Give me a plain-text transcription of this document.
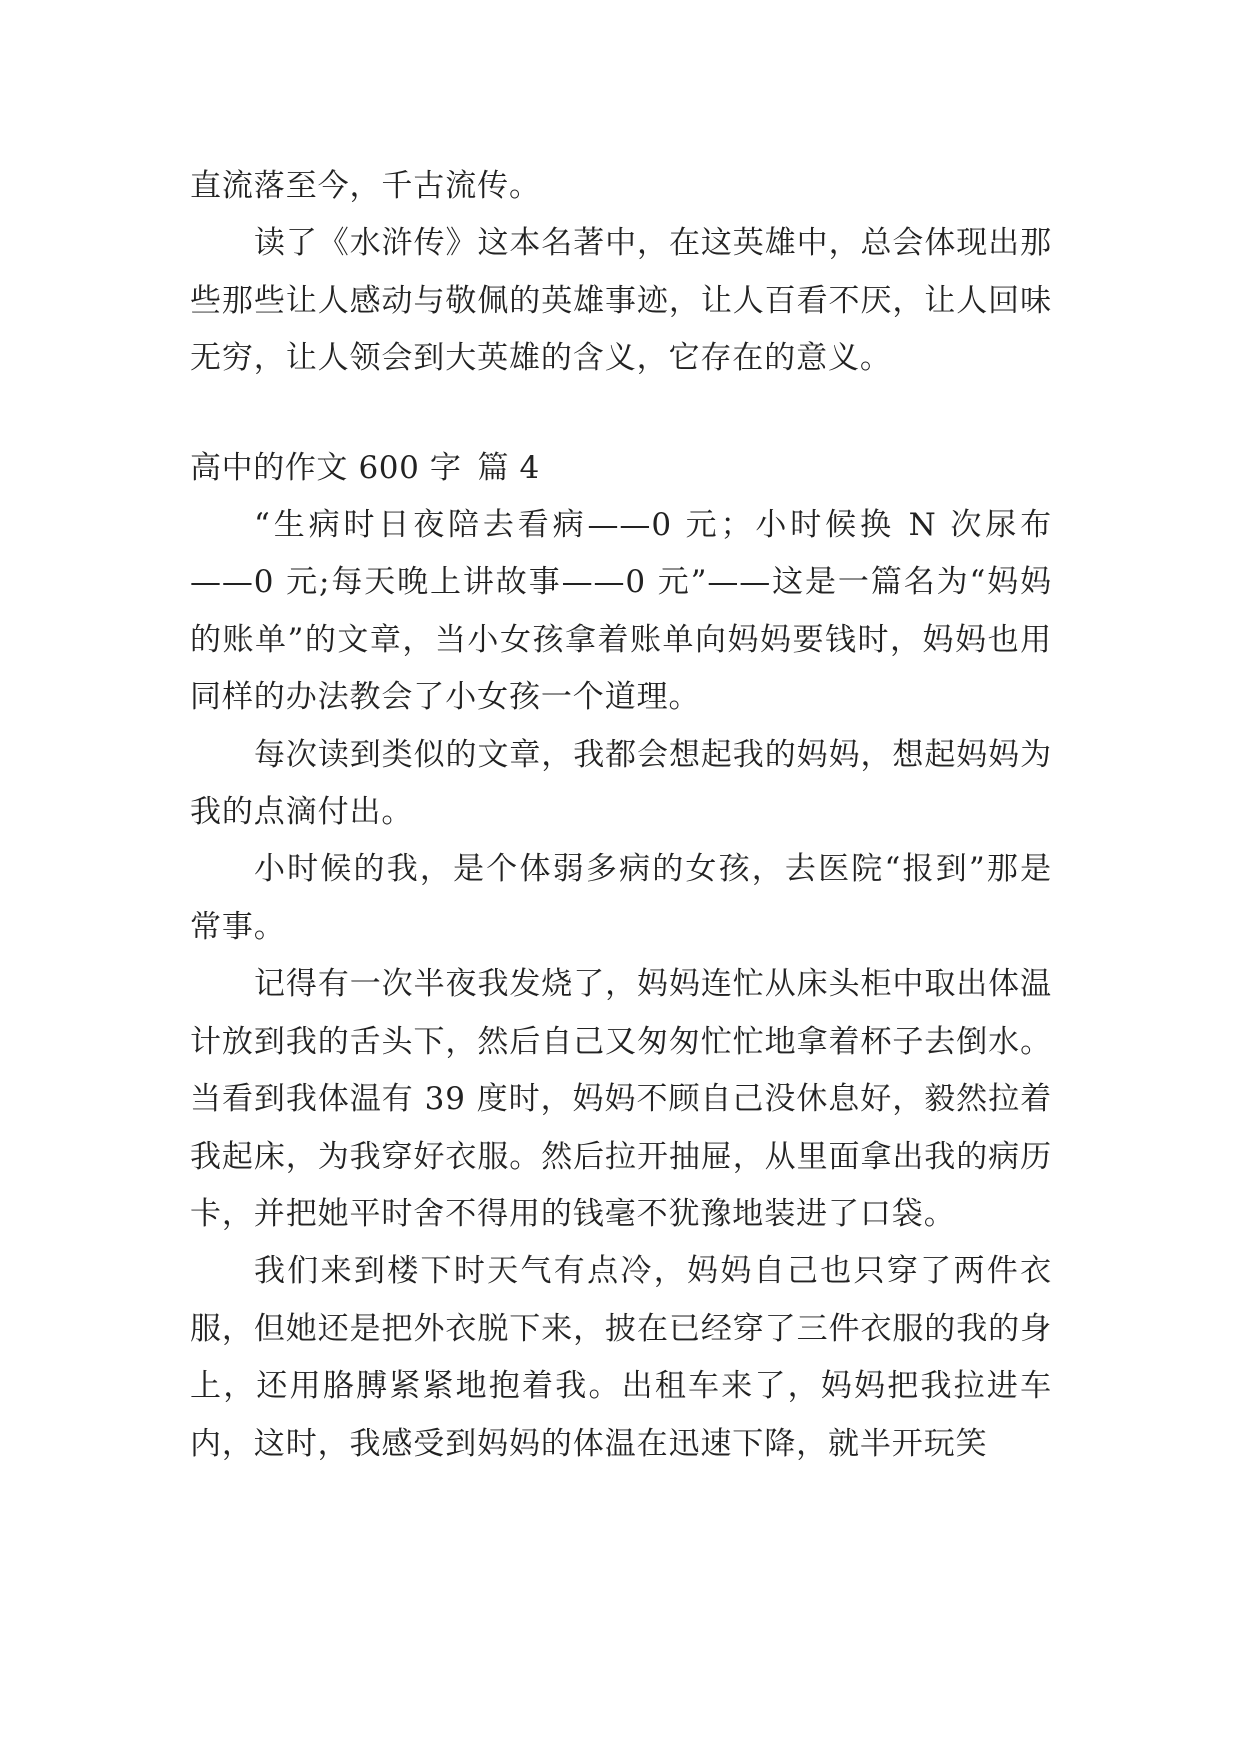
直流落至今，千古流传。

读了《水浒传》这本名著中，在这英雄中，总会体现出那些那些让人感动与敬佩的英雄事迹，让人百看不厌，让人回味无穷，让人领会到大英雄的含义，它存在的意义。

高中的作文 600 字 篇 4

“生病时日夜陪去看病——0 元；小时候换 N 次尿布——0 元;每天晚上讲故事——0 元”——这是一篇名为“妈妈的账单”的文章，当小女孩拿着账单向妈妈要钱时，妈妈也用同样的办法教会了小女孩一个道理。

每次读到类似的文章，我都会想起我的妈妈，想起妈妈为我的点滴付出。

小时候的我，是个体弱多病的女孩，去医院“报到”那是常事。

记得有一次半夜我发烧了，妈妈连忙从床头柜中取出体温计放到我的舌头下，然后自己又匆匆忙忙地拿着杯子去倒水。当看到我体温有 39 度时，妈妈不顾自己没休息好，毅然拉着我起床，为我穿好衣服。然后拉开抽屉，从里面拿出我的病历卡，并把她平时舍不得用的钱毫不犹豫地装进了口袋。

我们来到楼下时天气有点冷，妈妈自己也只穿了两件衣服，但她还是把外衣脱下来，披在已经穿了三件衣服的我的身上，还用胳膊紧紧地抱着我。出租车来了，妈妈把我拉进车内，这时，我感受到妈妈的体温在迅速下降，就半开玩笑
